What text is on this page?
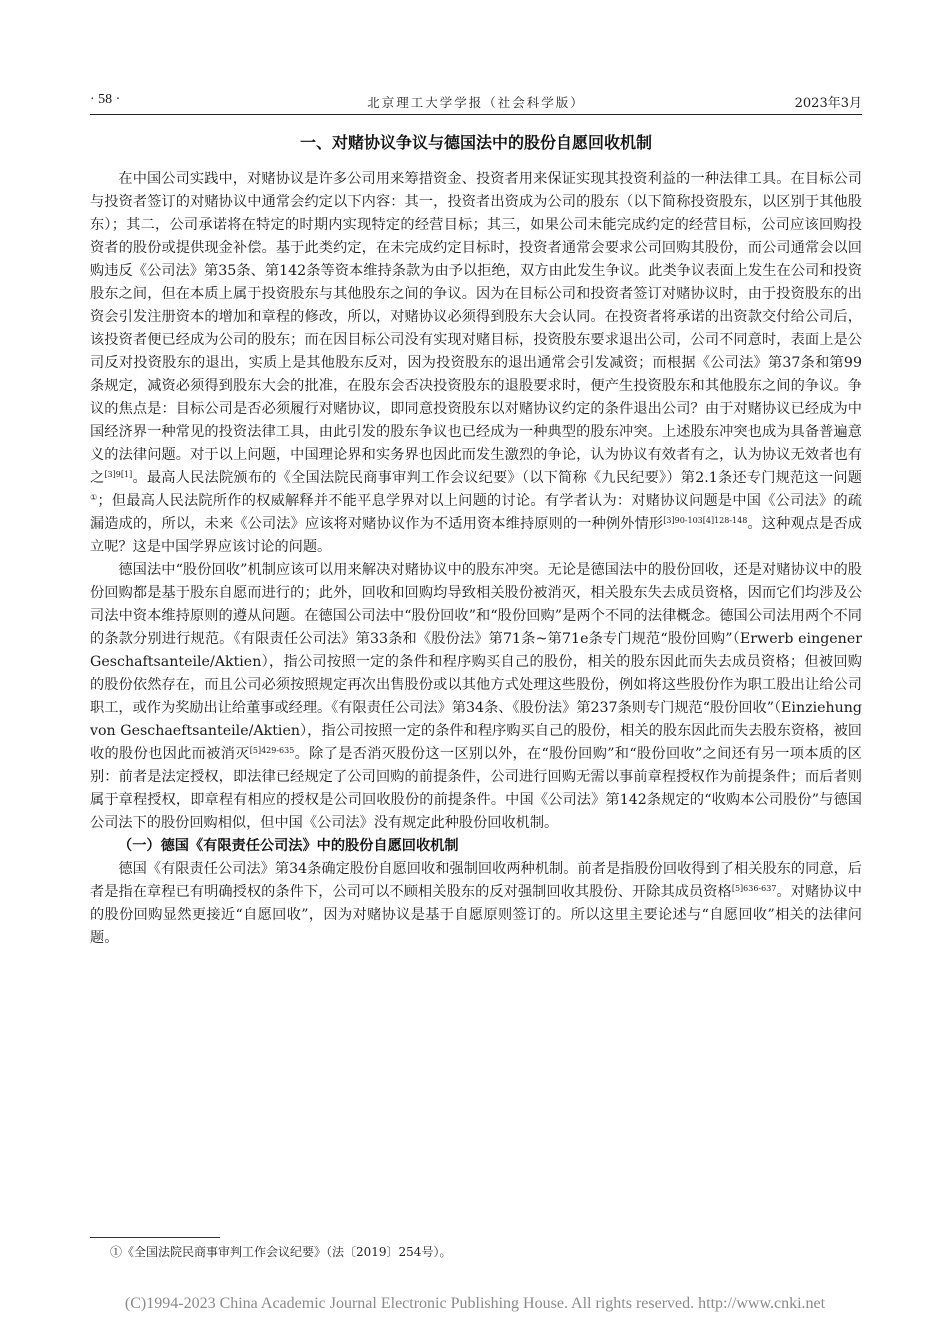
· 58 ·	北京理工大学学报（社会科学版）	2023年3月
一、对赌协议争议与德国法中的股份自愿回收机制

在中国公司实践中，对赌协议是许多公司用来筹措资金、投资者用来保证实现其投资利益的一种法律工具。在目标公司与投资者签订的对赌协议中通常会约定以下内容：其一，投资者出资成为公司的股东（以下简称投资股东，以区别于其他股东）；其二，公司承诺将在特定的时期内实现特定的经营目标；其三，如果公司未能完成约定的经营目标，公司应该回购投资者的股份或提供现金补偿。基于此类约定，在未完成约定目标时，投资者通常会要求公司回购其股份，而公司通常会以回购违反《公司法》第35条、第142条等资本维持条款为由予以拒绝，双方由此发生争议。此类争议表面上发生在公司和投资股东之间，但在本质上属于投资股东与其他股东之间的争议。因为在目标公司和投资者签订对赌协议时，由于投资股东的出资会引发注册资本的增加和章程的修改，所以，对赌协议必须得到股东大会认同。在投资者将承诺的出资款交付给公司后，该投资者便已经成为公司的股东；而在因目标公司没有实现对赌目标，投资股东要求退出公司，公司不同意时，表面上是公司反对投资股东的退出，实质上是其他股东反对，因为投资股东的退出通常会引发减资；而根据《公司法》第37条和第99条规定，减资必须得到股东大会的批准，在股东会否决投资股东的退股要求时，便产生投资股东和其他股东之间的争议。争议的焦点是：目标公司是否必须履行对赌协议，即同意投资股东以对赌协议约定的条件退出公司？由于对赌协议已经成为中国经济界一种常见的投资法律工具，由此引发的股东争议也已经成为一种典型的股东冲突。上述股东冲突也成为具备普遍意义的法律问题。对于以上问题，中国理论界和实务界也因此而发生激烈的争论，认为协议有效者有之，认为协议无效者也有之[3]9[1]。最高人民法院颁布的《全国法院民商事审判工作会议纪要》（以下简称《九民纪要》）第2.1条还专门规范这一问题①；但最高人民法院所作的权威解释并不能平息学界对以上问题的讨论。有学者认为：对赌协议问题是中国《公司法》的疏漏造成的，所以，未来《公司法》应该将对赌协议作为不适用资本维持原则的一种例外情形$^{[3]90-103[4]128-148}$。这种观点是否成立呢？这是中国学界应该讨论的问题。

德国法中“股份回收”机制应该可以用来解决对赌协议中的股东冲突。无论是德国法中的股份回收，还是对赌协议中的股份回购都是基于股东自愿而进行的；此外，回收和回购均导致相关股份被消灭，相关股东失去成员资格，因而它们均涉及公司法中资本维持原则的遵从问题。在德国公司法中“股份回收”和“股份回购”是两个不同的法律概念。德国公司法用两个不同的条款分别进行规范。《有限责任公司法》第33条和《股份法》第71条~第71e条专门规范“股份回购”（Erwerb eingener Geschaftsanteile/Aktien），指公司按照一定的条件和程序购买自己的股份，相关的股东因此而失去成员资格；但被回购的股份依然存在，而且公司必须按照规定再次出售股份或以其他方式处理这些股份，例如将这些股份作为职工股出让给公司职工，或作为奖励出让给董事或经理。《有限责任公司法》第34条、《股份法》第237条则专门规范“股份回收”（Einziehung von Geschaeftsanteile/Aktien），指公司按照一定的条件和程序购买自己的股份，相关的股东因此而失去股东资格，被回收的股份也因此而被消灭$^{[5]429-635}$。除了是否消灭股份这一区别以外，在“股份回购”和“股份回收”之间还有另一项本质的区别：前者是法定授权，即法律已经规定了公司回购的前提条件，公司进行回购无需以事前章程授权作为前提条件；而后者则属于章程授权，即章程有相应的授权是公司回收股份的前提条件。中国《公司法》第142条规定的“收购本公司股份”与德国公司法下的股份回购相似，但中国《公司法》没有规定此种股份回收机制。

（一）德国《有限责任公司法》中的股份自愿回收机制

德国《有限责任公司法》第34条确定股份自愿回收和强制回收两种机制。前者是指股份回收得到了相关股东的同意，后者是指在章程已有明确授权的条件下，公司可以不顾相关股东的反对强制回收其股份、开除其成员资格$^{[5]636-637}$。对赌协议中的股份回购显然更接近“自愿回收”，因为对赌协议是基于自愿原则签订的。所以这里主要论述与“自愿回收”相关的法律问题。

①《全国法院民商事审判工作会议纪要》（法〔2019〕254号）。
(C)1994-2023 China Academic Journal Electronic Publishing House. All rights reserved. http://www.cnki.net
